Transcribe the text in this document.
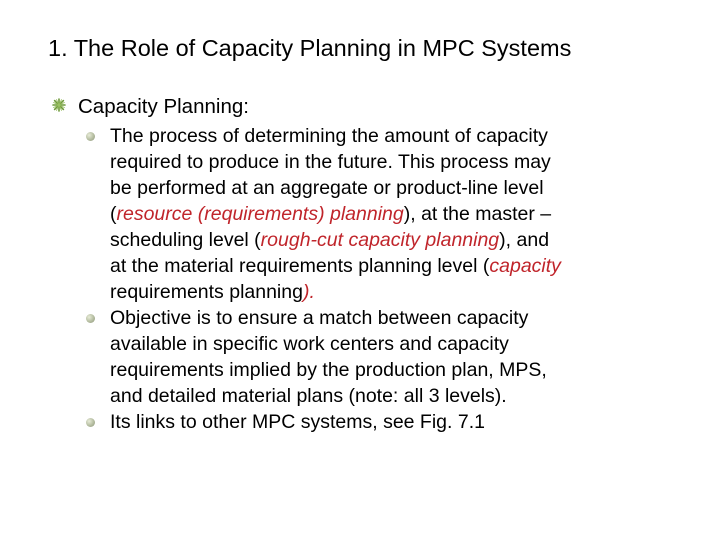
1. The Role of Capacity Planning in MPC Systems
Capacity Planning:
The process of determining the amount of capacity
required to produce in the future. This process may
be performed at an aggregate or product-line level
(resource (requirements) planning), at the master –
scheduling level (rough-cut capacity planning), and
at the material requirements planning level (capacity
requirements planning).
Objective is to ensure a match between capacity
available in specific work centers and capacity
requirements implied by the production plan, MPS,
and detailed material plans (note: all 3 levels).
Its links to other MPC systems, see Fig. 7.1
